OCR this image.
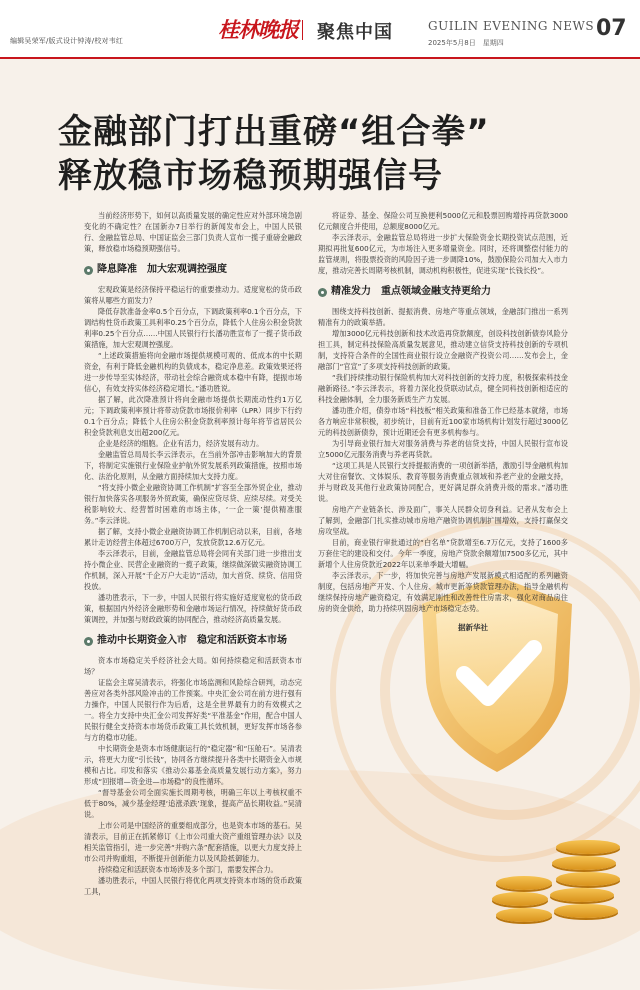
编辑吴荣军/版式设计钟涛/校对韦红	桂林晚报 聚焦中国	GUILIN EVENING NEWS
2025年5月8日　星期四
07
金融部门打出重磅“组合拳”
释放稳市场稳预期强信号

当前经济形势下，如何以高质量发展的确定性应对外部环境急剧变化的不确定性？在国新办7日举行的新闻发布会上，中国人民银行、金融监管总局、中国证监会三部门负责人宣布一揽子重磅金融政策，释放稳市场稳预期强信号。

降息降准　加大宏观调控强度

宏观政策是经济保持平稳运行的重要推动力。适度宽松的货币政策将从哪些方面发力？

降低存款准备金率0.5个百分点，下调政策利率0.1个百分点，下调结构性货币政策工具利率0.25个百分点，降低个人住房公积金贷款利率0.25个百分点……中国人民银行行长潘功胜宣布了一揽子货币政策措施，加大宏观调控强度。

“上述政策措施将向金融市场提供规模可观的、低成本的中长期资金，有利于降低金融机构的负债成本，稳定净息差。政策效果还将进一步传导至实体经济，带动社会综合融资成本稳中有降，提振市场信心，有效支持实体经济稳定增长。”潘功胜说。

据了解，此次降准预计将向金融市场提供长期流动性约1万亿元；下调政策利率预计将带动贷款市场报价利率（LPR）同步下行约0.1个百分点；降低个人住房公积金贷款利率预计每年将节省居民公积金贷款利息支出超200亿元。

企业是经济的细胞。企业有活力，经济发展有动力。

金融监管总局局长李云泽表示，在当前外部冲击影响加大的背景下，将制定实施银行业保险业护航外贸发展系列政策措施，按照市场化、法治化原则，从金融方面持续加大支持力度。

“将支持小微企业融资协调工作机制”扩容至全部外贸企业，推动银行加快落实各项服务外贸政策，确保应贷尽贷、应续尽续。对受关税影响较大、经营暂时困难的市场主体，‘一企一策’提供精准服务。”李云泽说。

据了解，支持小微企业融资协调工作机制启动以来，目前，各地累计走访经营主体超过6700万户，发放贷款12.6万亿元。

李云泽表示，目前，金融监管总局将会同有关部门进一步推出支持小微企业、民营企业融资的一揽子政策，继续做深做实融资协调工作机制，深入开展“千企万户大走访”活动，加大首贷、续贷、信用贷投放。

潘功胜表示，下一步，中国人民银行将实施好适度宽松的货币政策，根据国内外经济金融形势和金融市场运行情况，持续做好货币政策调控，并加强与财政政策的协同配合，推动经济高质量发展。

推动中长期资金入市　稳定和活跃资本市场

资本市场稳定关乎经济社会大局。如何持续稳定和活跃资本市场？

证监会主席吴清表示，将强化市场监测和风险综合研判，动态完善应对各类外部风险冲击的工作预案。中央汇金公司在前方进行强有力操作，中国人民银行作为后盾，这是全世界最有力的有效模式之一。将全力支持中央汇金公司发挥好类“平准基金”作用，配合中国人民银行健全支持资本市场货币政策工具长效机制，更好发挥市场各参与方的稳市功能。

中长期资金是资本市场健康运行的“稳定器”和“压舱石”。吴清表示，将更大力度“引长钱”，协同各方继续提升各类中长期资金入市规模和占比。印发和落实《推动公募基金高质量发展行动方案》，努力形成“回报增—资金进—市场稳”的良性循环。

“督导基金公司全面实施长周期考核，明确三年以上考核权重不低于80%，减少基金经理‘追涨杀跌’现象，提高产品长期收益。”吴清说。

上市公司是中国经济的重要组成部分，也是资本市场的基石。吴清表示，目前正在抓紧修订《上市公司重大资产重组管理办法》以及相关监管指引，进一步完善“并购六条”配套措施，以更大力度支持上市公司并购重组，不断提升创新能力以及风险抵御能力。

持续稳定和活跃资本市场涉及多个部门，需要发挥合力。

潘功胜表示，中国人民银行将优化两项支持资本市场的货币政策工具，

将证券、基金、保险公司互换便利5000亿元和股票回购增持再贷款3000亿元额度合并使用，总额度8000亿元。

李云泽表示，金融监管总局将进一步扩大保险资金长期投资试点范围，近期拟再批复600亿元，为市场注入更多增量资金。同时，还将调整偿付能力的监管规则，将股票投资的风险因子进一步调降10%，鼓励保险公司加大入市力度，推动完善长周期考核机制，调动机构积极性，促进实现“长钱长投”。

精准发力　重点领域金融支持更给力

围绕支持科技创新、提振消费、房地产等重点领域，金融部门推出一系列精准有力的政策举措。

增加3000亿元科技创新和技术改造再贷款额度，创设科技创新债券风险分担工具，制定科技保险高质量发展意见，推动建立信贷支持科技创新的专项机制，支持符合条件的全国性商业银行设立金融资产投资公司……发布会上，金融部门“官宣”了多项支持科技创新的政策。

“我们持续推动银行保险机构加大对科技创新的支持力度，积极探索科技金融新路径。”李云泽表示，将着力深化投贷联动试点，健全同科技创新相适应的科技金融体制，全力服务新质生产力发展。

潘功胜介绍，债券市场“科技板”相关政策和准备工作已经基本就绪，市场各方响应非常积极，初步统计，目前有近100家市场机构计划发行超过3000亿元的科技创新债券，预计近期还会有更多机构参与。

为引导商业银行加大对服务消费与养老的信贷支持，中国人民银行宣布设立5000亿元服务消费与养老再贷款。

“这项工具是人民银行支持提振消费的一项创新举措，激励引导金融机构加大对住宿餐饮、文体娱乐、教育等服务消费重点领域和养老产业的金融支持，并与财政及其他行业政策协同配合，更好满足群众消费升级的需求。”潘功胜说。

房地产产业链条长、涉及面广，事关人民群众切身利益。记者从发布会上了解到，金融部门扎实推动城市房地产融资协调机制扩围增效，支持打赢保交房攻坚战。

目前，商业银行审批通过的“白名单”贷款增至6.7万亿元，支持了1600多万套住宅的建设和交付。今年一季度，房地产贷款余额增加7500多亿元，其中新增个人住房贷款近2022年以来单季最大增幅。

李云泽表示，下一步，将加快完善与房地产发展新模式相适配的系列融资制度，包括房地产开发、个人住房、城市更新等贷款管理办法，指导金融机构继续保持房地产融资稳定，有效满足刚性和改善性住房需求，强化对商品房住房的资金供给，助力持续巩固房地产市场稳定态势。

据新华社
